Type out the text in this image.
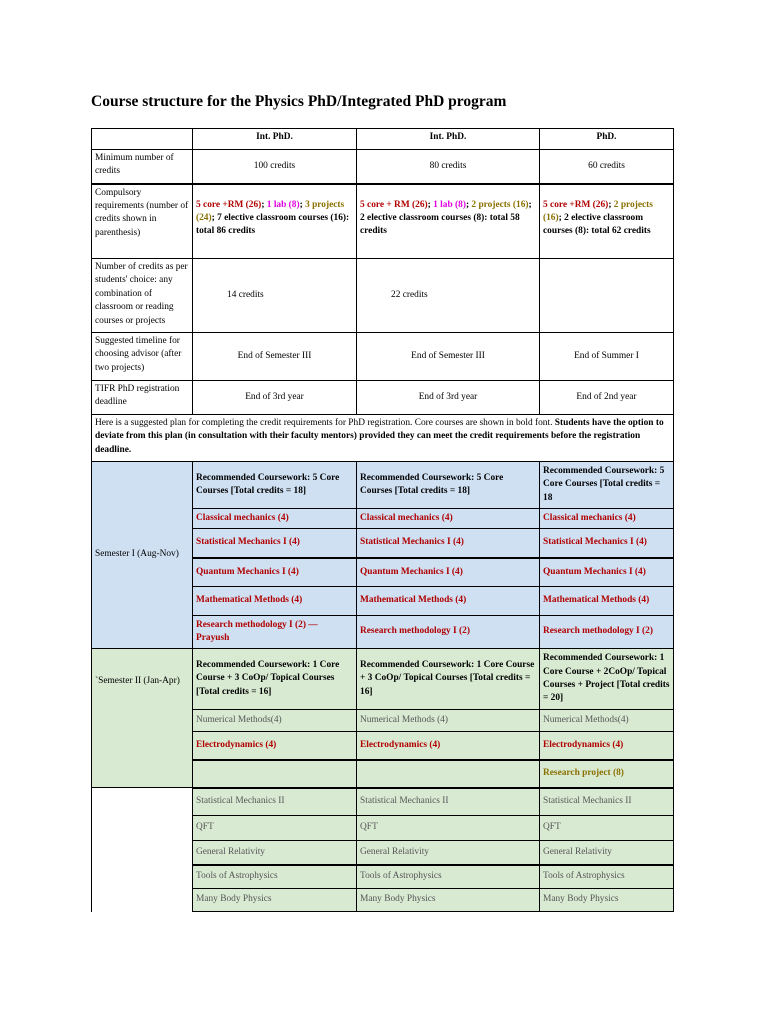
Course structure for the Physics PhD/Integrated PhD program
	Int. PhD.	Int. PhD.	PhD.
Minimum number of credits	100 credits	80 credits	60 credits
Compulsory requirements (number of credits shown in parenthesis)	5 core +RM (26); 1 lab (8); 3 projects (24); 7 elective classroom courses (16): total 86 credits	5 core + RM (26); 1 lab (8); 2 projects (16); 2 elective classroom courses (8): total 58 credits	5 core +RM (26); 2 projects (16); 2 elective classroom courses (8): total 62 credits
Number of credits as per students' choice: any combination of classroom or reading courses or projects	14 credits	22 credits	
Suggested timeline for choosing advisor (after two projects)	End of Semester III	End of Semester III	End of Summer I
TIFR PhD registration deadline	End of 3rd year	End of 3rd year	End of 2nd year
Here is a suggested plan for completing the credit requirements for PhD registration. Core courses are shown in bold font. Students have the option to deviate from this plan (in consultation with their faculty mentors) provided they can meet the credit requirements before the registration deadline.			
Semester I (Aug-Nov)	Recommended Coursework: 5 Core Courses [Total credits = 18]	Recommended Coursework: 5 Core Courses [Total credits = 18]	Recommended Coursework: 5 Core Courses [Total credits = 18
	Classical mechanics (4)	Classical mechanics (4)	Classical mechanics (4)
	Statistical Mechanics I (4)	Statistical Mechanics I (4)	Statistical Mechanics I (4)
	Quantum Mechanics I (4)	Quantum Mechanics I (4)	Quantum Mechanics I (4)
	Mathematical Methods (4)	Mathematical Methods (4)	Mathematical Methods (4)
	Research methodology I (2) — Prayush	Research methodology I (2)	Research methodology I (2)
`Semester II (Jan-Apr)	Recommended Coursework: 1 Core Course + 3 CoOp/ Topical Courses [Total credits = 16]	Recommended Coursework: 1 Core Course + 3 CoOp/ Topical Courses [Total credits = 16]	Recommended Coursework: 1 Core Course + 2CoOp/ Topical Courses + Project [Total credits = 20]
	Numerical Methods(4)	Numerical Methods (4)	Numerical Methods(4)
	Electrodynamics (4)	Electrodynamics (4)	Electrodynamics (4)
			Research project (8)
	Statistical Mechanics II	Statistical Mechanics II	Statistical Mechanics II
	QFT	QFT	QFT
	General Relativity	General Relativity	General Relativity
	Tools of Astrophysics	Tools of Astrophysics	Tools of Astrophysics
	Many Body Physics	Many Body Physics	Many Body Physics
